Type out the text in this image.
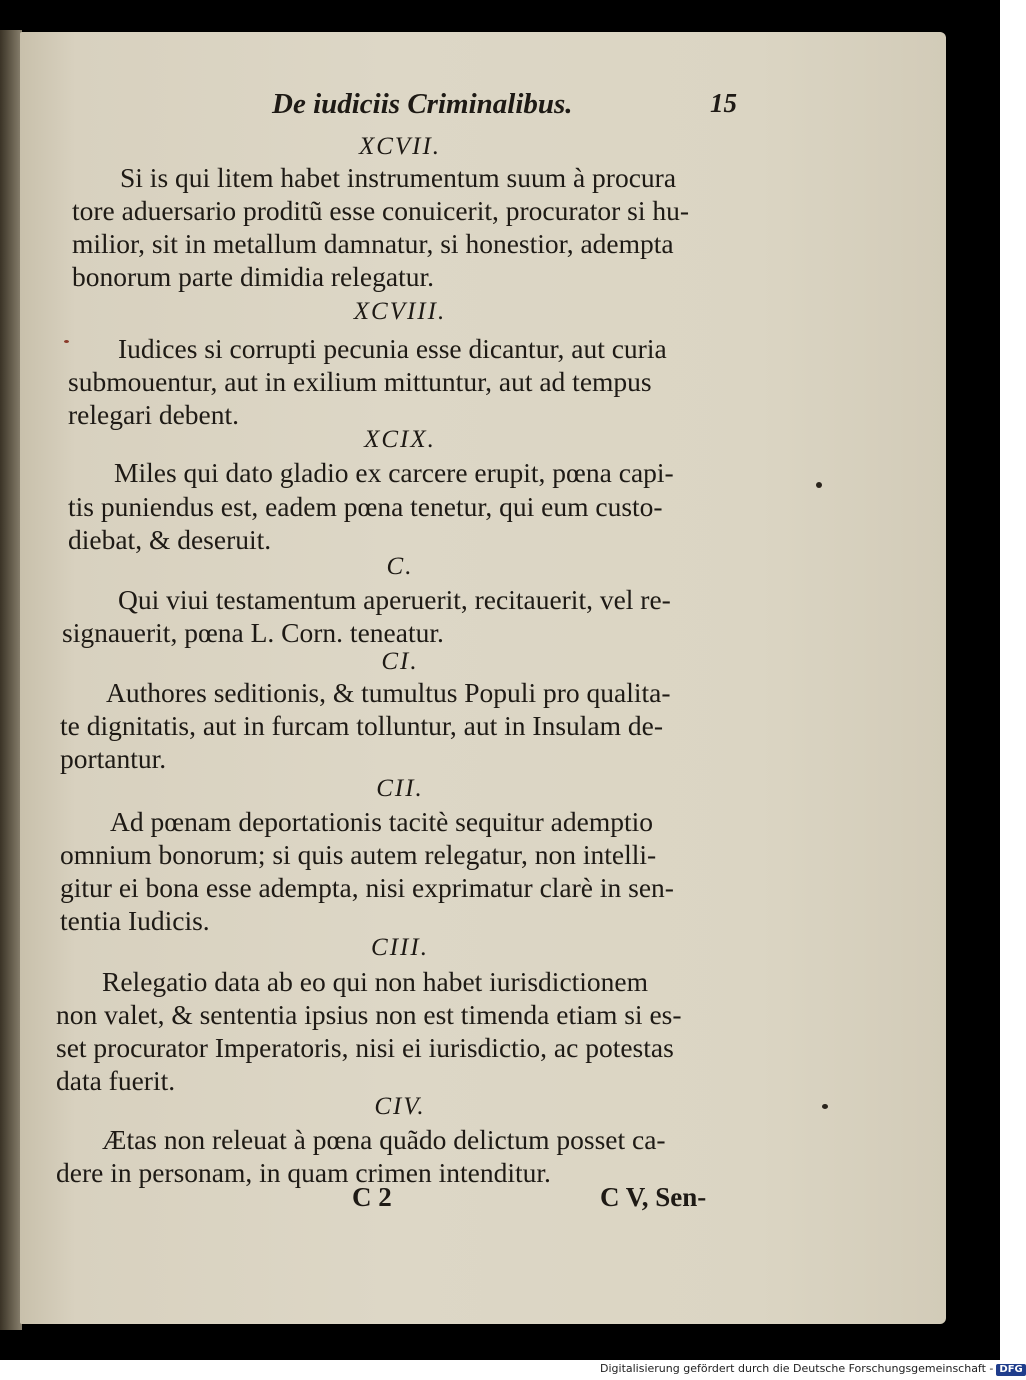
De iudiciis Criminalibus.	15
XCVII.
Si is qui litem habet instrumentum suum à procura
tore aduersario proditũ esse conuicerit, procurator si hu-
milior, sit in metallum damnatur, si honestior, adempta
bonorum parte dimidia relegatur.
XCVIII.
Iudices si corrupti pecunia esse dicantur, aut curia
submouentur, aut in exilium mittuntur, aut ad tempus
relegari debent.
XCIX.
Miles qui dato gladio ex carcere erupit, pœna capi-
tis puniendus est, eadem pœna tenetur, qui eum custo-
diebat, & deseruit.
C.
Qui viui testamentum aperuerit, recitauerit, vel re-
signauerit, pœna L. Corn. teneatur.
CI.
Authores seditionis, & tumultus Populi pro qualita-
te dignitatis, aut in furcam tolluntur, aut in Insulam de-
portantur.
CII.
Ad pœnam deportationis tacitè sequitur ademptio
omnium bonorum; si quis autem relegatur, non intelli-
gitur ei bona esse adempta, nisi exprimatur clarè in sen-
tentia Iudicis.
CIII.
Relegatio data ab eo qui non habet iurisdictionem
non valet, & sententia ipsius non est timenda etiam si es-
set procurator Imperatoris, nisi ei iurisdictio, ac potestas
data fuerit.
CIV.
Ætas non releuat à pœna quãdo delictum posset ca-
dere in personam, in quam crimen intenditur.
C 2	C V, Sen-
Digitalisierung gefördert durch die Deutsche Forschungsgemeinschaft - DFG
